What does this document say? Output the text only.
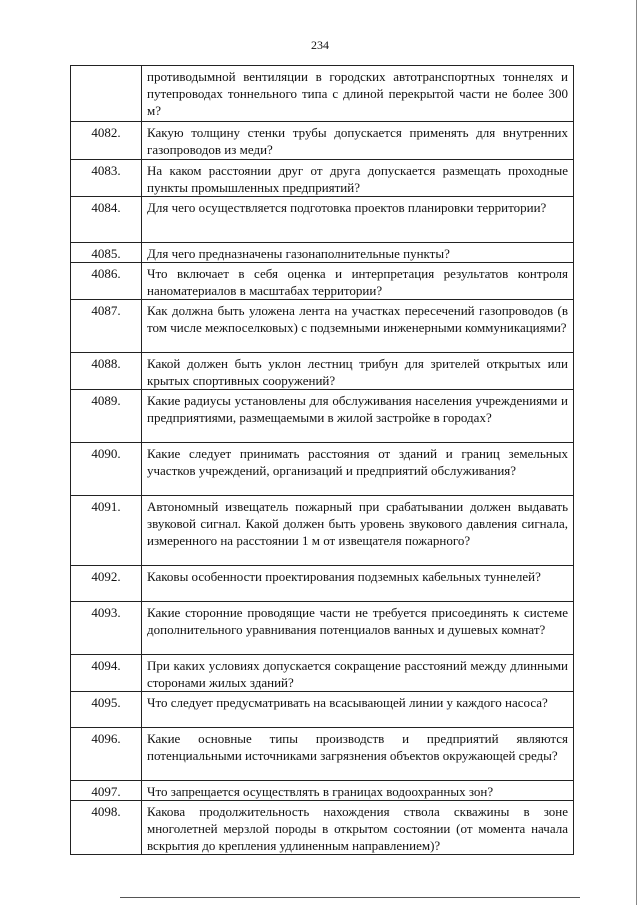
234
	противодымной вентиляции в городских автотранспортных тоннелях и путепроводах тоннельного типа с длиной перекрытой части не более 300 м?
4082.	Какую толщину стенки трубы допускается применять для внутренних газопроводов из меди?
4083.	На каком расстоянии друг от друга допускается размещать проходные пункты промышленных предприятий?
4084.	Для чего осуществляется подготовка проектов планировки территории?
4085.	Для чего предназначены газонаполнительные пункты?
4086.	Что включает в себя оценка и интерпретация результатов контроля наноматериалов в масштабах территории?
4087.	Как должна быть уложена лента на участках пересечений газопроводов (в том числе межпоселковых) с подземными инженерными коммуникациями?
4088.	Какой должен быть уклон лестниц трибун для зрителей открытых или крытых спортивных сооружений?
4089.	Какие радиусы установлены для обслуживания населения учреждениями и предприятиями, размещаемыми в жилой застройке в городах?
4090.	Какие следует принимать расстояния от зданий и границ земельных участков учреждений, организаций и предприятий обслуживания?
4091.	Автономный извещатель пожарный при срабатывании должен выдавать звуковой сигнал. Какой должен быть уровень звукового давления сигнала, измеренного на расстоянии 1 м от извещателя пожарного?
4092.	Каковы особенности проектирования подземных кабельных туннелей?
4093.	Какие сторонние проводящие части не требуется присоединять к системе дополнительного уравнивания потенциалов ванных и душевых комнат?
4094.	При каких условиях допускается сокращение расстояний между длинными сторонами жилых зданий?
4095.	Что следует предусматривать на всасывающей линии у каждого насоса?
4096.	Какие основные типы производств и предприятий являются потенциальными источниками загрязнения объектов окружающей среды?
4097.	Что запрещается осуществлять в границах водоохранных зон?
4098.	Какова продолжительность нахождения ствола скважины в зоне многолетней мерзлой породы в открытом состоянии (от момента начала вскрытия до крепления удлиненным направлением)?
